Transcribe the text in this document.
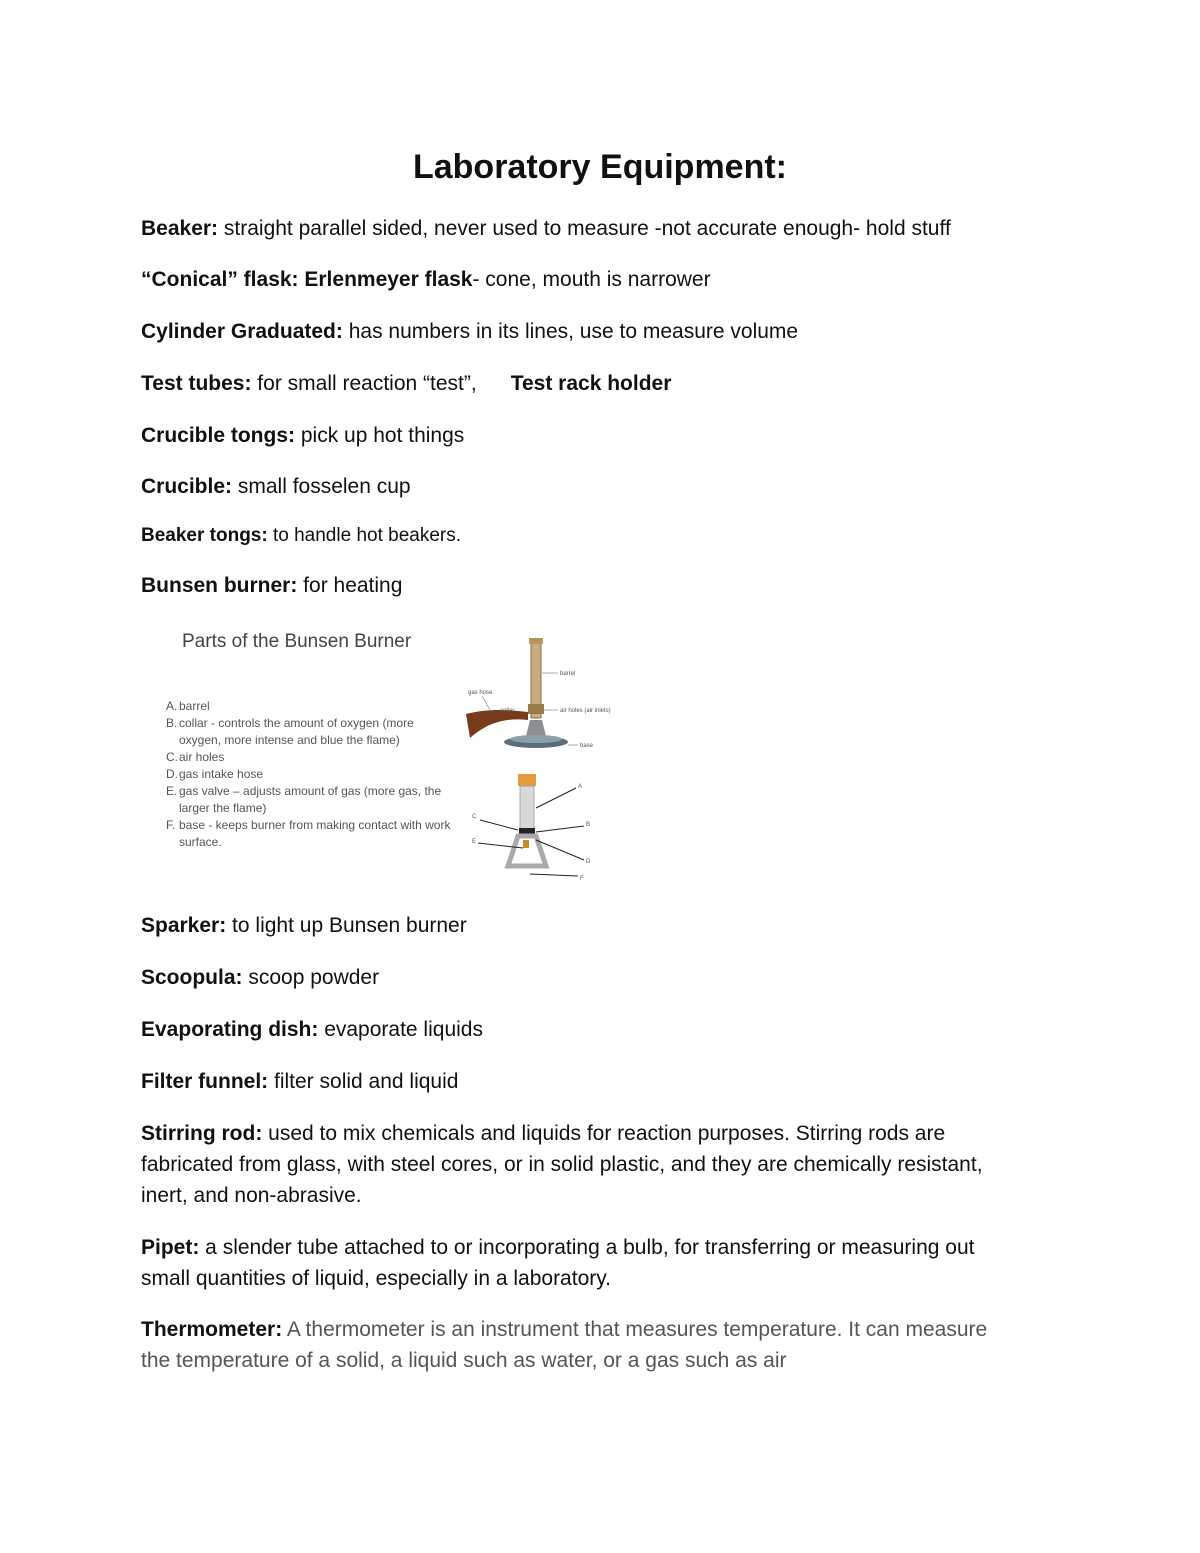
Laboratory Equipment:

Beaker: straight parallel sided, never used to measure -not accurate enough- hold stuff

“Conical” flask: Erlenmeyer flask- cone, mouth is narrower

Cylinder Graduated: has numbers in its lines, use to measure volume

Test tubes: for small reaction “test”, Test rack holder

Crucible tongs: pick up hot things

Crucible: small fosselen cup

Beaker tongs: to handle hot beakers.

Bunsen burner: for heating

Parts of the Bunsen Burner

A. barrel
B. collar - controls the amount of oxygen (more oxygen, more intense and blue the flame)
C. air holes
D. gas intake hose
E. gas valve – adjusts amount of gas (more gas, the larger the flame)
F. base - keeps burner from making contact with work surface.
barrel
gas hose
collar	air holes (air inlets)
base
A
B
C
D
E
F

Sparker: to light up Bunsen burner

Scoopula: scoop powder

Evaporating dish: evaporate liquids

Filter funnel: filter solid and liquid

Stirring rod: used to mix chemicals and liquids for reaction purposes. Stirring rods are fabricated from glass, with steel cores, or in solid plastic, and they are chemically resistant, inert, and non-abrasive.

Pipet: a slender tube attached to or incorporating a bulb, for transferring or measuring out small quantities of liquid, especially in a laboratory.

Thermometer: A thermometer is an instrument that measures temperature. It can measure the temperature of a solid, a liquid such as water, or a gas such as air
